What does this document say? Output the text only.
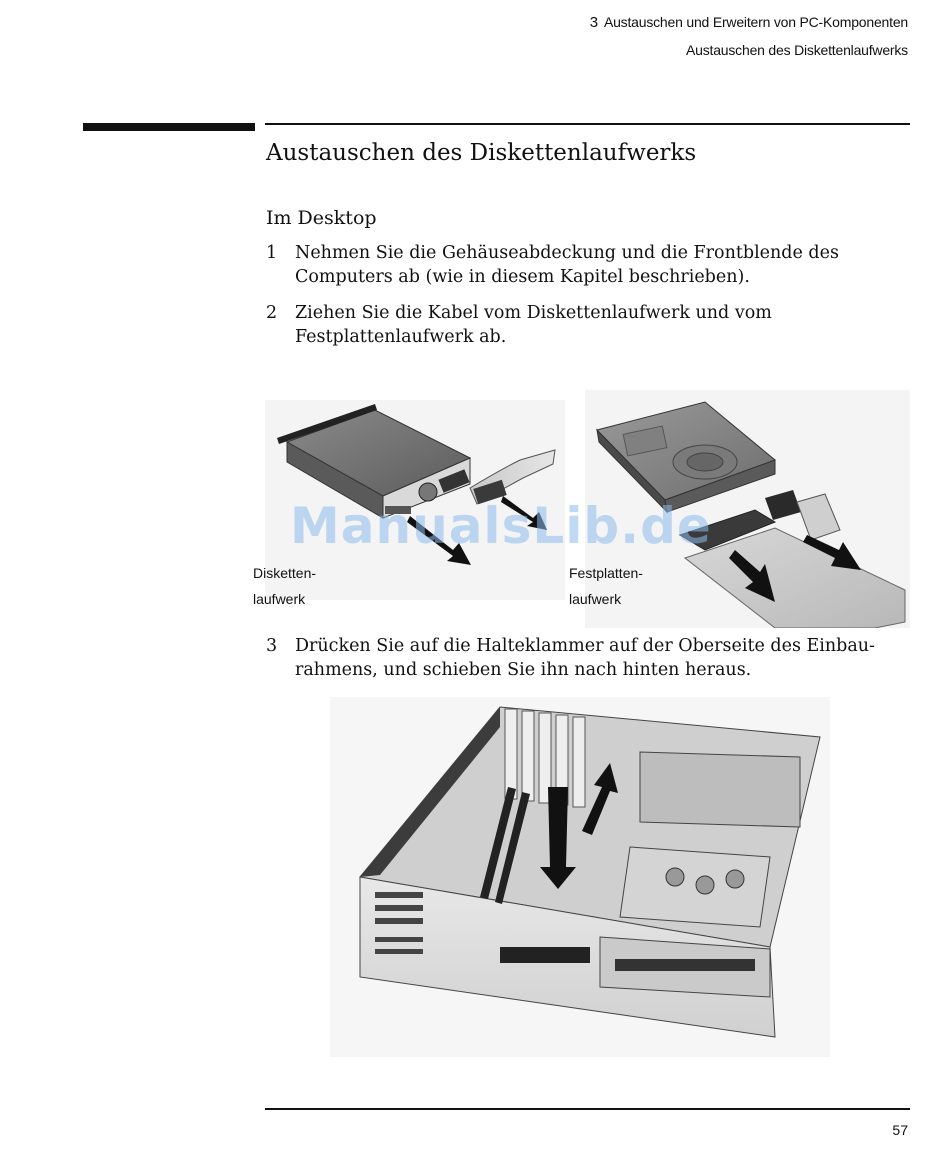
3 Austauschen und Erweitern von PC-Komponenten
Austauschen des Diskettenlaufwerks
Austauschen des Diskettenlaufwerks
Im Desktop
1	Nehmen Sie die Gehäuseabdeckung und die Frontblende des
Computers ab (wie in diesem Kapitel beschrieben).
2	Ziehen Sie die Kabel vom Diskettenlaufwerk und vom
Festplattenlaufwerk ab.
ManualsLib.de
Disketten-
laufwerk
Festplatten-
laufwerk
3	Drücken Sie auf die Halteklammer auf der Oberseite des Einbau-
rahmens, und schieben Sie ihn nach hinten heraus.
57
